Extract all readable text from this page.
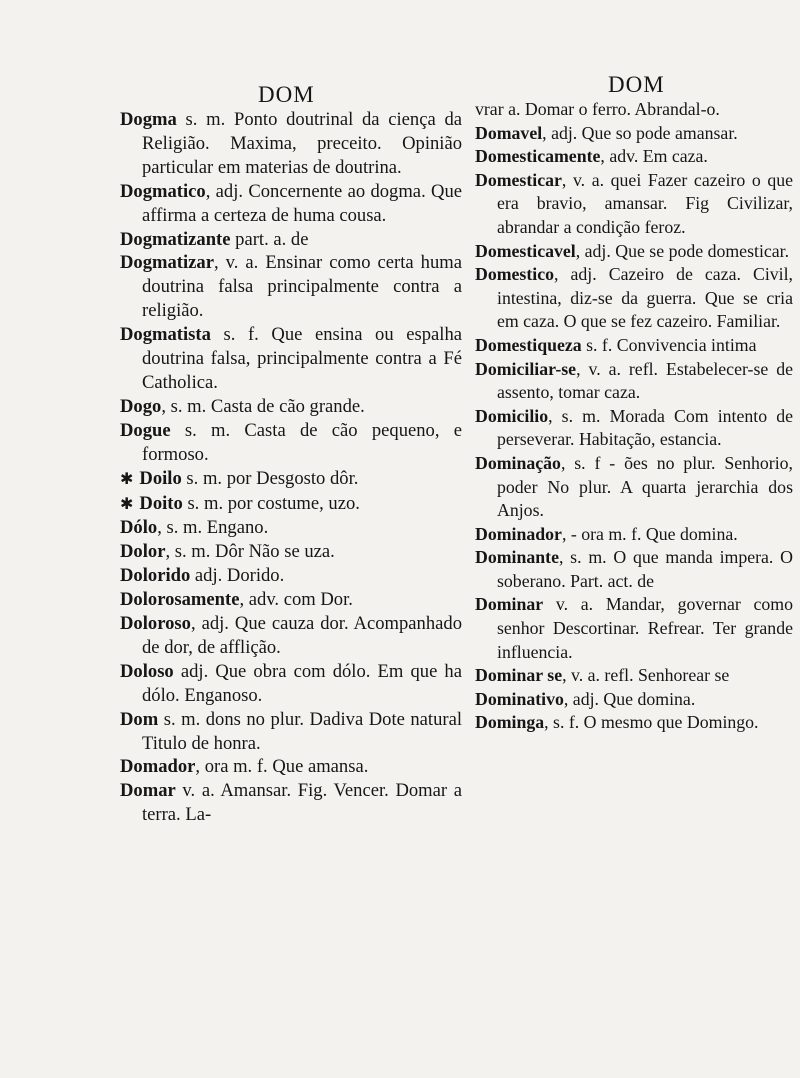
DOM	DOM

Dogma s. m. Ponto doutrinal da ciença da Religião. Maxima, preceito. Opinião particular em materias de doutrina.

Dogmatico, adj. Concernente ao dogma. Que affirma a certeza de huma cousa.

Dogmatizante part. a. de

Dogmatizar, v. a. Ensinar como certa huma doutrina falsa principalmente contra a religião.

Dogmatista s. f. Que ensina ou espalha doutrina falsa, principalmente contra a Fé Catholica.

Dogo, s. m. Casta de cão grande.

Dogue s. m. Casta de cão pequeno, e formoso.

✱ Doilo s. m. por Desgosto dôr.

✱ Doito s. m. por costume, uzo.

Dólo, s. m. Engano.

Dolor, s. m. Dôr Não se uza.

Dolorido adj. Dorido.

Dolorosamente, adv. com Dor.

Doloroso, adj. Que cauza dor. Acompanhado de dor, de afflição.

Doloso adj. Que obra com dólo. Em que ha dólo. Enganoso.

Dom s. m. dons no plur. Dadiva Dote natural Titulo de honra.

Domador, ora m. f. Que amansa.

Domar v. a. Amansar. Fig. Vencer. Domar a terra. La-

vrar a. Domar o ferro. Abrandal-o.

Domavel, adj. Que so pode amansar.

Domesticamente, adv. Em caza.

Domesticar, v. a. quei Fazer cazeiro o que era bravio, amansar. Fig Civilizar, abrandar a condição feroz.

Domesticavel, adj. Que se pode domesticar.

Domestico, adj. Cazeiro de caza. Civil, intestina, diz-se da guerra. Que se cria em caza. O que se fez cazeiro. Familiar.

Domestiqueza s. f. Convivencia intima

Domiciliar-se, v. a. refl. Estabelecer-se de assento, tomar caza.

Domicilio, s. m. Morada Com intento de perseverar. Habitação, estancia.

Dominação, s. f - ões no plur. Senhorio, poder No plur. A quarta jerarchia dos Anjos.

Dominador, - ora m. f. Que domina.

Dominante, s. m. O que manda impera. O soberano. Part. act. de

Dominar v. a. Mandar, governar como senhor Descortinar. Refrear. Ter grande influencia.

Dominar se, v. a. refl. Senhorear se

Dominativo, adj. Que domina.

Dominga, s. f. O mesmo que Domingo.
